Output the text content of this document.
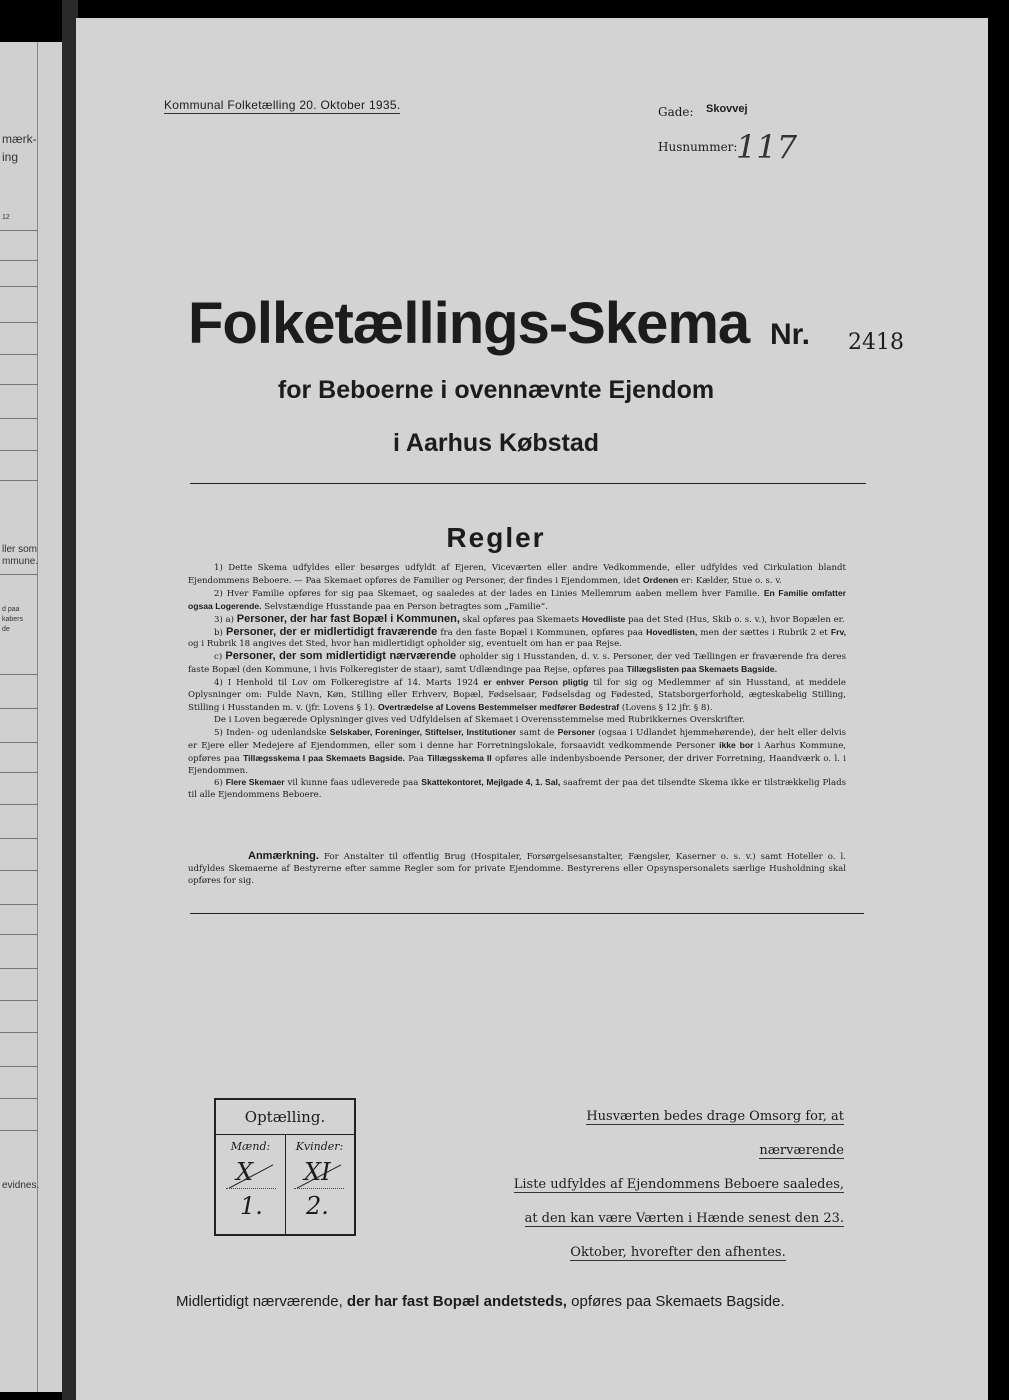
mærk-
ing
12
ller som
mmune.
d paa
kabers
de
evidnes.
Kommunal Folketælling 20. Oktober 1935.	Gade: Skovvej
Husnummer:
117
Folketællings-Skema Nr. 2418
for Beboerne i ovennævnte Ejendom
i Aarhus Købstad
Regler

1) Dette Skema udfyldes eller besørges udfyldt af Ejeren, Viceværten eller andre Vedkommende, eller udfyldes ved Cirkulation blandt Ejendommens Beboere. — Paa Skemaet opføres de Familier og Personer, der findes i Ejendommen, idet Ordenen er: Kælder, Stue o. s. v.

2) Hver Familie opføres for sig paa Skemaet, og saaledes at der lades en Linies Mellemrum aaben mellem hver Familie. En Familie omfatter ogsaa Logerende. Selvstændige Husstande paa en Person betragtes som „Familie“.

3) a) Personer, der har fast Bopæl i Kommunen, skal opføres paa Skemaets Hovedliste paa det Sted (Hus, Skib o. s. v.), hvor Bopælen er.

b) Personer, der er midlertidigt fraværende fra den faste Bopæl i Kommunen, opføres paa Hovedlisten, men der sættes i Rubrik 2 et Frv, og i Rubrik 18 angives det Sted, hvor han midlertidigt opholder sig, eventuelt om han er paa Rejse.

c) Personer, der som midlertidigt nærværende opholder sig i Husstanden, d. v. s. Personer, der ved Tællingen er fraværende fra deres faste Bopæl (den Kommune, i hvis Folkeregister de staar), samt Udlændinge paa Rejse, opføres paa Tillægslisten paa Skemaets Bagside.

4) I Henhold til Lov om Folkeregistre af 14. Marts 1924 er enhver Person pligtig til for sig og Medlemmer af sin Husstand, at meddele Oplysninger om: Fulde Navn, Køn, Stilling eller Erhverv, Bopæl, Fødselsaar, Fødselsdag og Fødested, Statsborgerforhold, ægteskabelig Stilling, Stilling i Husstanden m. v. (jfr. Lovens § 1). Overtrædelse af Lovens Bestemmelser medfører Bødestraf (Lovens § 12 jfr. § 8).

De i Loven begærede Oplysninger gives ved Udfyldelsen af Skemaet i Overensstemmelse med Rubrikkernes Overskrifter.

5) Inden- og udenlandske Selskaber, Foreninger, Stiftelser, Institutioner samt de Personer (ogsaa i Udlandet hjemmehørende), der helt eller delvis er Ejere eller Medejere af Ejendommen, eller som i denne har Forretningslokale, forsaavidt vedkommende Personer ikke bor i Aarhus Kommune, opføres paa Tillægsskema I paa Skemaets Bagside. Paa Tillægsskema II opføres alle indenbysboende Personer, der driver Forretning, Haandværk o. l. i Ejendommen.

6) Flere Skemaer vil kunne faas udleverede paa Skattekontoret, Mejlgade 4, 1. Sal, saafremt der paa det tilsendte Skema ikke er tilstrækkelig Plads til alle Ejendommens Beboere.

Anmærkning. For Anstalter til offentlig Brug (Hospitaler, Forsørgelsesanstalter, Fængsler, Kaserner o. s. v.) samt Hoteller o. l. udfyldes Skemaerne af Bestyrerne efter samme Regler som for private Ejendomme. Bestyrerens eller Opsynspersonalets særlige Husholdning skal opføres for sig.

Optælling.
Mænd:	Kvinder:
X XI
1. 2.
Husværten bedes drage Omsorg for, at nærværende
Liste udfyldes af Ejendommens Beboere saaledes,
at den kan være Værten i Hænde senest den 23.
Oktober, hvorefter den afhentes.
Midlertidigt nærværende, der har fast Bopæl andetsteds, opføres paa Skemaets Bagside.
